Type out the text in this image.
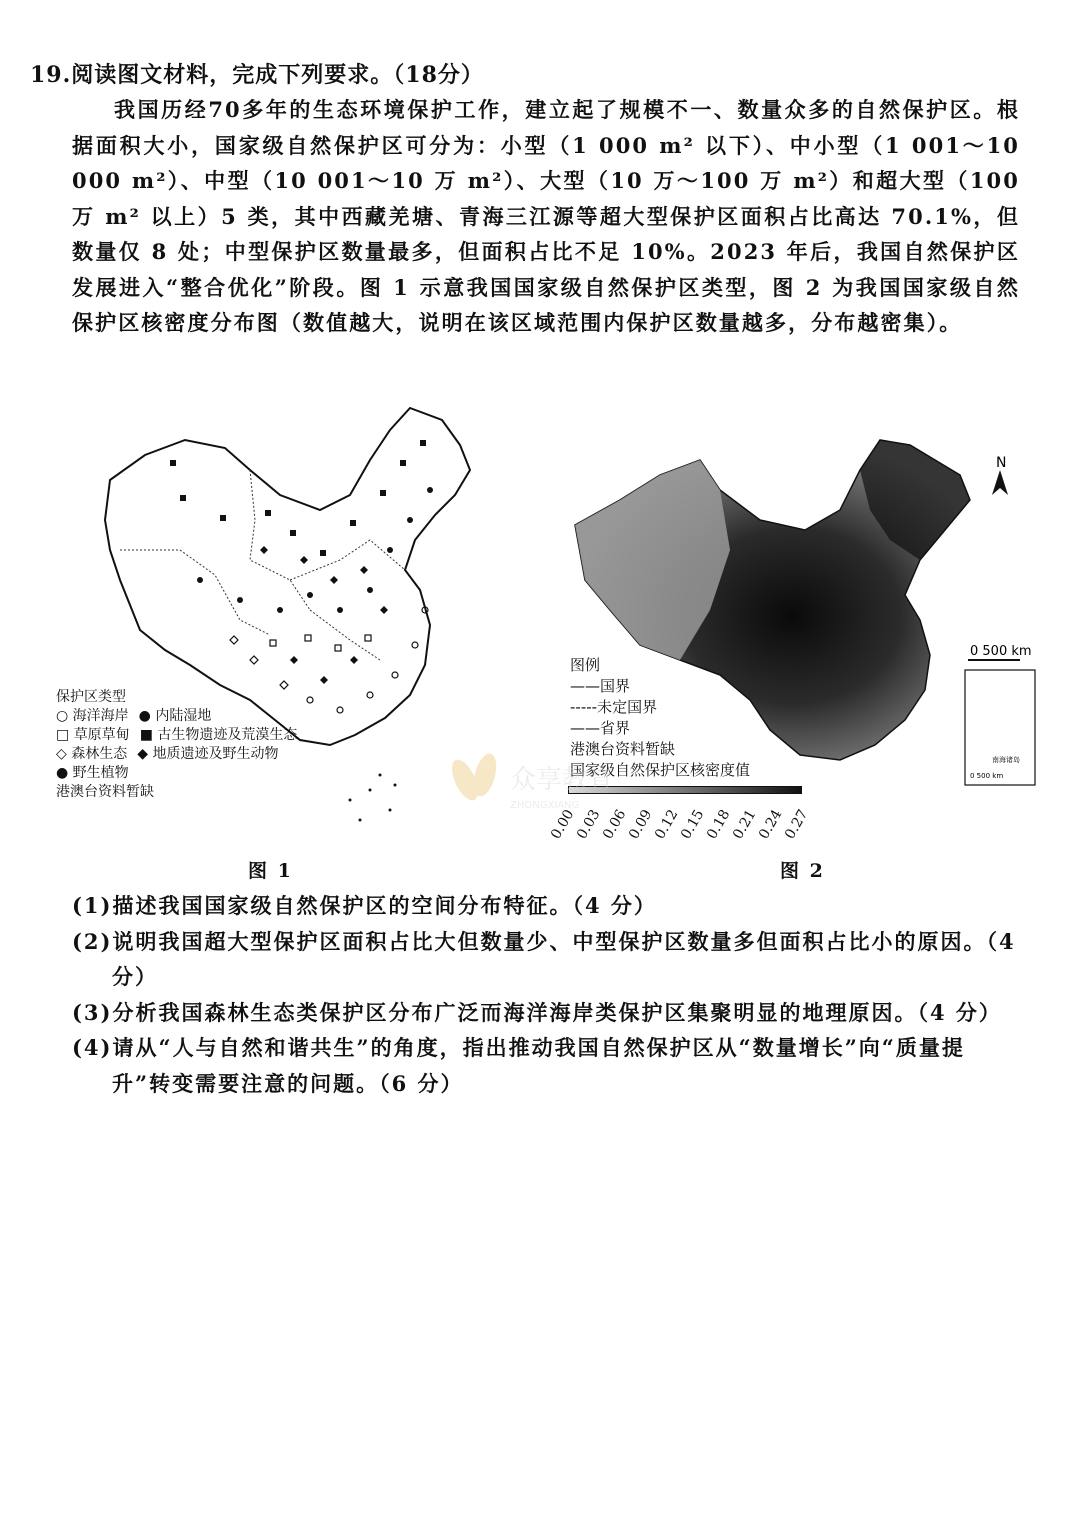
19.阅读图文材料，完成下列要求。（18分）

我国历经70多年的生态环境保护工作，建立起了规模不一、数量众多的自然保护区。根据面积大小，国家级自然保护区可分为：小型（1 000 m² 以下）、中小型（1 001～10 000 m²）、中型（10 001～10 万 m²）、大型（10 万～100 万 m²）和超大型（100 万 m² 以上）5 类，其中西藏羌塘、青海三江源等超大型保护区面积占比高达 70.1%，但数量仅 8 处；中型保护区数量最多，但面积占比不足 10%。2023 年后，我国自然保护区发展进入“整合优化”阶段。图 1 示意我国国家级自然保护区类型，图 2 为我国国家级自然保护区核密度分布图（数值越大，说明在该区域范围内保护区数量越多，分布越密集）。

保护区类型
○ 海洋海岸 ● 内陆湿地
□ 草原草甸 ■ 古生物遗迹及荒漠生态
◇ 森林生态 ◆ 地质遗迹及野生动物
● 野生植物
港澳台资料暂缺
图 1
N
0 500 km
南海诸岛
0 500 km
图例
——国界
-----未定国界
——省界
港澳台资料暂缺
国家级自然保护区核密度值
0.00
0.03
0.06
0.09
0.12
0.15
0.18
0.21
0.24
0.27
图 2
众享教育
ZHONGXIANG

(1)描述我国国家级自然保护区的空间分布特征。（4 分）

(2)说明我国超大型保护区面积占比大但数量少、中型保护区数量多但面积占比小的原因。（4 分）

(3)分析我国森林生态类保护区分布广泛而海洋海岸类保护区集聚明显的地理原因。（4 分）

(4)请从“人与自然和谐共生”的角度，指出推动我国自然保护区从“数量增长”向“质量提升”转变需要注意的问题。（6 分）
